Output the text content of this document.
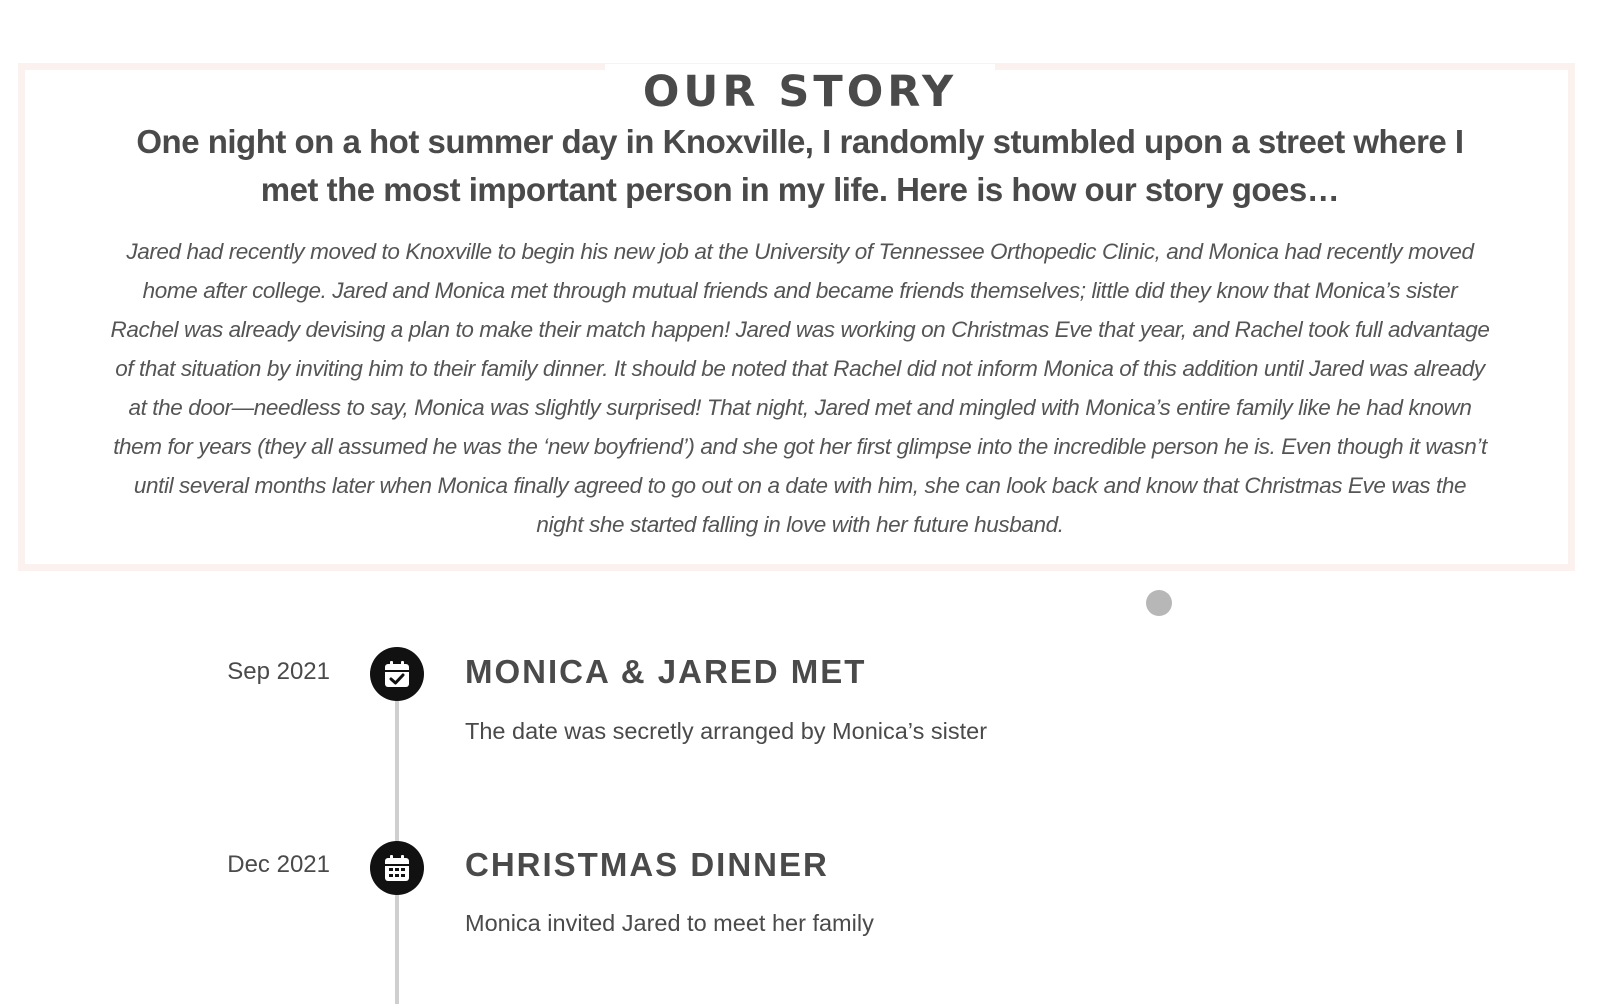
OUR STORY

One night on a hot summer day in Knoxville, I randomly stumbled upon a street where I met the most important person in my life. Here is how our story goes…

Jared had recently moved to Knoxville to begin his new job at the University of Tennessee Orthopedic Clinic, and Monica had recently moved home after college. Jared and Monica met through mutual friends and became friends themselves; little did they know that Monica’s sister Rachel was already devising a plan to make their match happen! Jared was working on Christmas Eve that year, and Rachel took full advantage of that situation by inviting him to their family dinner. It should be noted that Rachel did not inform Monica of this addition until Jared was already at the door—needless to say, Monica was slightly surprised! That night, Jared met and mingled with Monica’s entire family like he had known them for years (they all assumed he was the ‘new boyfriend’) and she got her first glimpse into the incredible person he is. Even though it wasn’t until several months later when Monica finally agreed to go out on a date with him, she can look back and know that Christmas Eve was the night she started falling in love with her future husband.

Sep 2021	MONICA & JARED MET
The date was secretly arranged by Monica’s sister
Dec 2021	CHRISTMAS DINNER
Monica invited Jared to meet her family
